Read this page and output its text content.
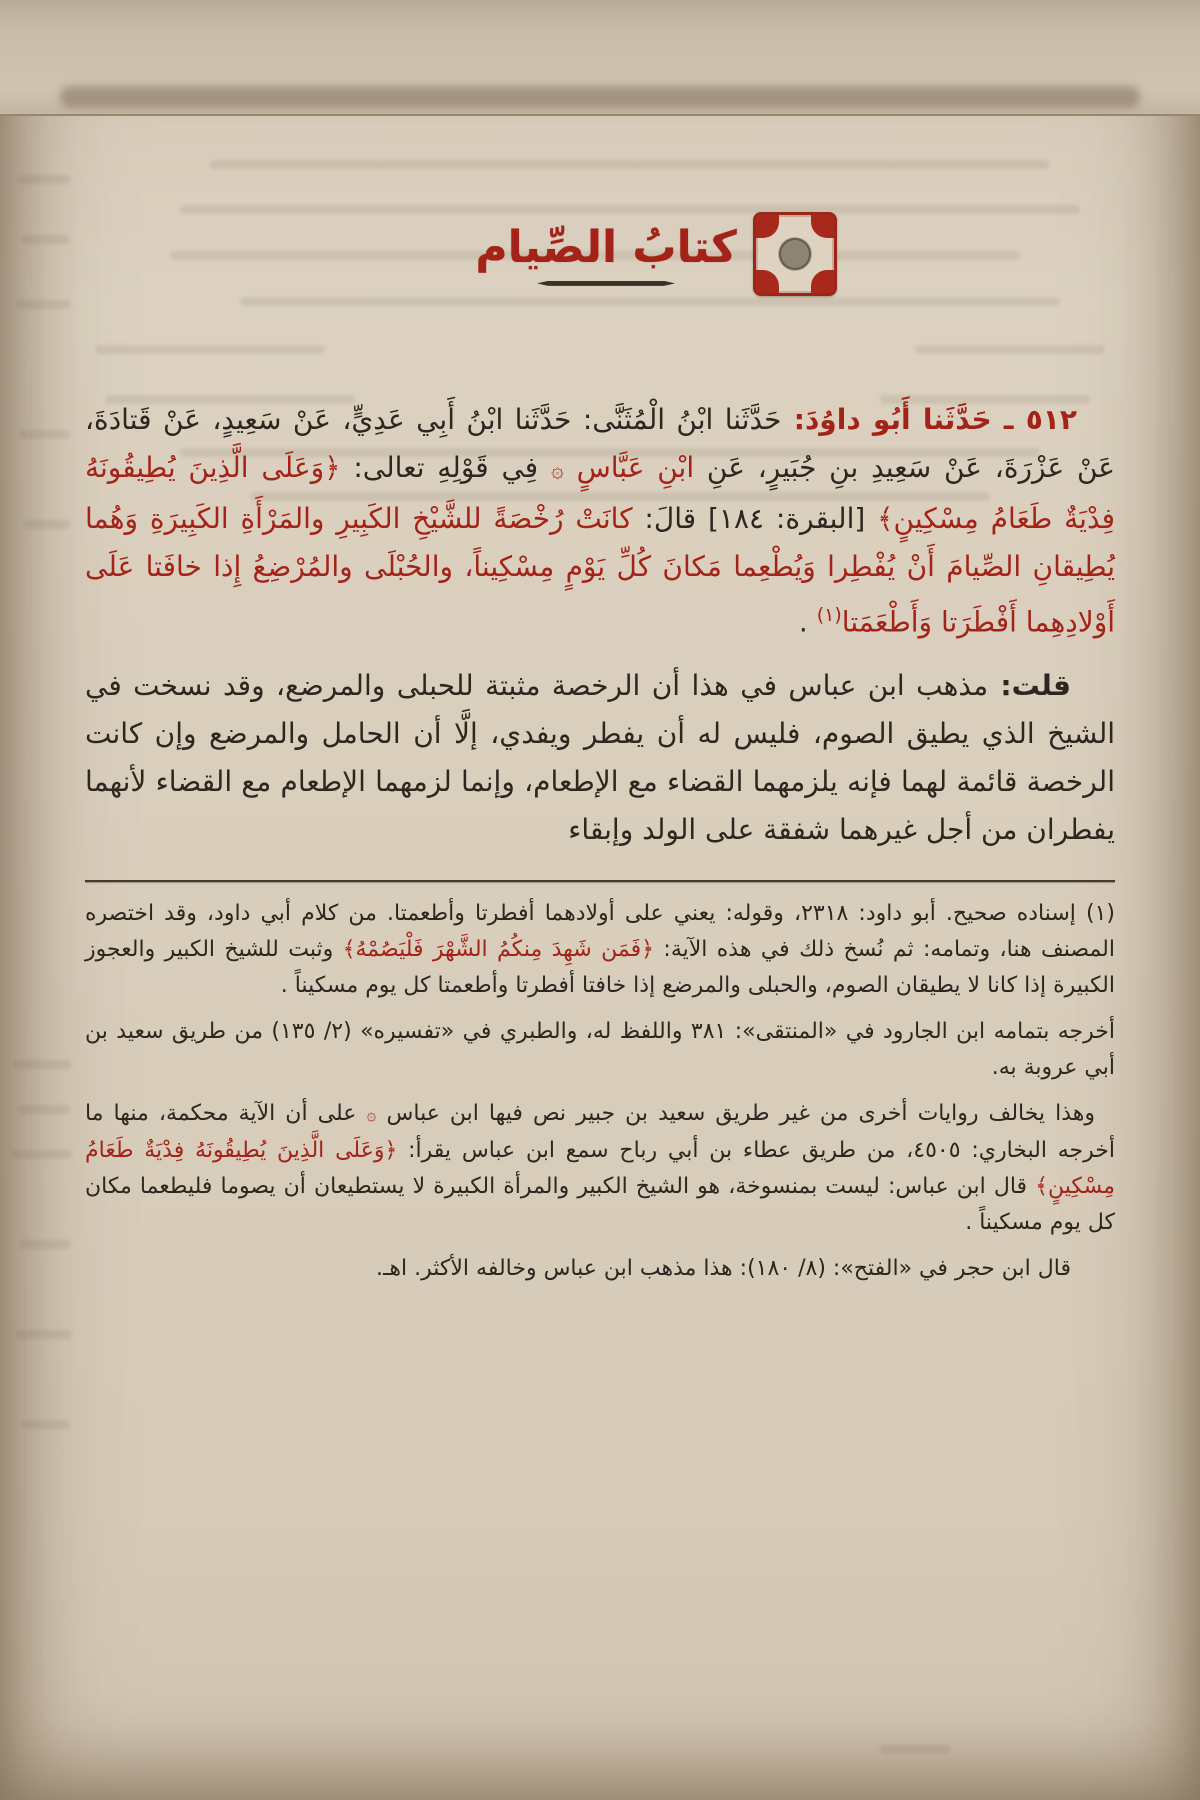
كتابُ الصِّيام

٥١٢ ـ حَدَّثَنا أَبُو داوُدَ: حَدَّثَنا ابْنُ الْمُثَنَّى: حَدَّثَنا ابْنُ أَبِي عَدِيٍّ، عَنْ سَعِيدٍ، عَنْ قَتادَةَ، عَنْ عَزْرَةَ، عَنْ سَعِيدِ بنِ جُبَيرٍ، عَنِ ابْنِ عَبَّاسٍ ۞ فِي قَوْلِهِ تعالى: ﴿وَعَلَى الَّذِينَ يُطِيقُونَهُ فِدْيَةٌ طَعَامُ مِسْكِينٍ﴾ [البقرة: ١٨٤] قالَ: كانَتْ رُخْصَةً للشَّيْخِ الكَبِيرِ والمَرْأَةِ الكَبِيرَةِ وَهُما يُطِيقانِ الصِّيامَ أَنْ يُفْطِرا وَيُطْعِما مَكانَ كُلِّ يَوْمٍ مِسْكِيناً، والحُبْلَى والمُرْضِعُ إِذا خافَتا عَلَى أَوْلادِهِما أَفْطَرَتا وَأَطْعَمَتا$^{(١)}$ .

قلت: مذهب ابن عباس في هذا أن الرخصة مثبتة للحبلى والمرضع، وقد نسخت في الشيخ الذي يطيق الصوم، فليس له أن يفطر ويفدي، إلَّا أن الحامل والمرضع وإن كانت الرخصة قائمة لهما فإنه يلزمهما القضاء مع الإطعام، وإنما لزمهما الإطعام مع القضاء لأنهما يفطران من أجل غيرهما شفقة على الولد وإبقاء

(١) إسناده صحيح. أبو داود: ٢٣١٨، وقوله: يعني على أولادهما أفطرتا وأطعمتا. من كلام أبي داود، وقد اختصره المصنف هنا، وتمامه: ثم نُسخ ذلك في هذه الآية: ﴿فَمَن شَهِدَ مِنكُمُ الشَّهْرَ فَلْيَصُمْهُ﴾ وثبت للشيخ الكبير والعجوز الكبيرة إذا كانا لا يطيقان الصوم، والحبلى والمرضع إذا خافتا أفطرتا وأطعمتا كل يوم مسكيناً .

أخرجه بتمامه ابن الجارود في «المنتقى»: ٣٨١ واللفظ له، والطبري في «تفسيره» (٢/ ١٣٥) من طريق سعيد بن أبي عروبة به.

وهذا يخالف روايات أخرى من غير طريق سعيد بن جبير نص فيها ابن عباس ۞ على أن الآية محكمة، منها ما أخرجه البخاري: ٤٥٠٥، من طريق عطاء بن أبي رباح سمع ابن عباس يقرأ: ﴿وَعَلَى الَّذِينَ يُطِيقُونَهُ فِدْيَةٌ طَعَامُ مِسْكِينٍ﴾ قال ابن عباس: ليست بمنسوخة، هو الشيخ الكبير والمرأة الكبيرة لا يستطيعان أن يصوما فليطعما مكان كل يوم مسكيناً .

قال ابن حجر في «الفتح»: (٨/ ١٨٠): هذا مذهب ابن عباس وخالفه الأكثر. اهـ.
